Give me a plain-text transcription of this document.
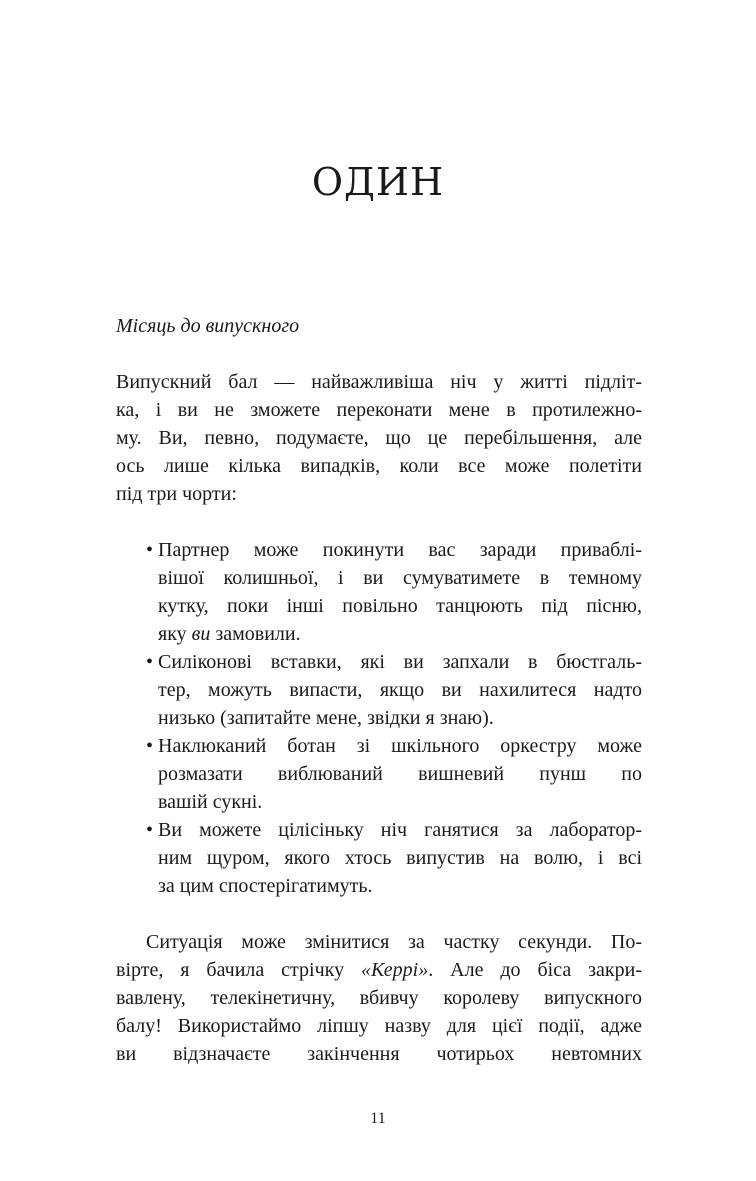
ОДИН
Місяць до випускного
Випускний бал — найважливіша ніч у житті підліт-
ка, і ви не зможете переконати мене в протилежно-
му. Ви, певно, подумаєте, що це перебільшення, але
ось лише кілька випадків, коли все може полетіти
під три чорти:
• Партнер може покинути вас заради приваблі-
вішої колишньої, і ви сумуватимете в темному
кутку, поки інші повільно танцюють під пісню,
яку ви замовили.
• Силіконові вставки, які ви запхали в бюстгаль-
тер, можуть випасти, якщо ви нахилитеся надто
низько (запитайте мене, звідки я знаю).
• Наклюканий ботан зі шкільного оркестру може
розмазати виблюваний вишневий пунш по
вашій сукні.
• Ви можете цілісіньку ніч ганятися за лаборатор-
ним щуром, якого хтось випустив на волю, і всі
за цим спостерігатимуть.
Ситуація може змінитися за частку секунди. По-
вірте, я бачила стрічку «Керрі». Але до біса закри-
вавлену, телекінетичну, вбивчу королеву випускного
балу! Використаймо ліпшу назву для цієї події, адже
ви відзначаєте закінчення чотирьох невтомних
11
